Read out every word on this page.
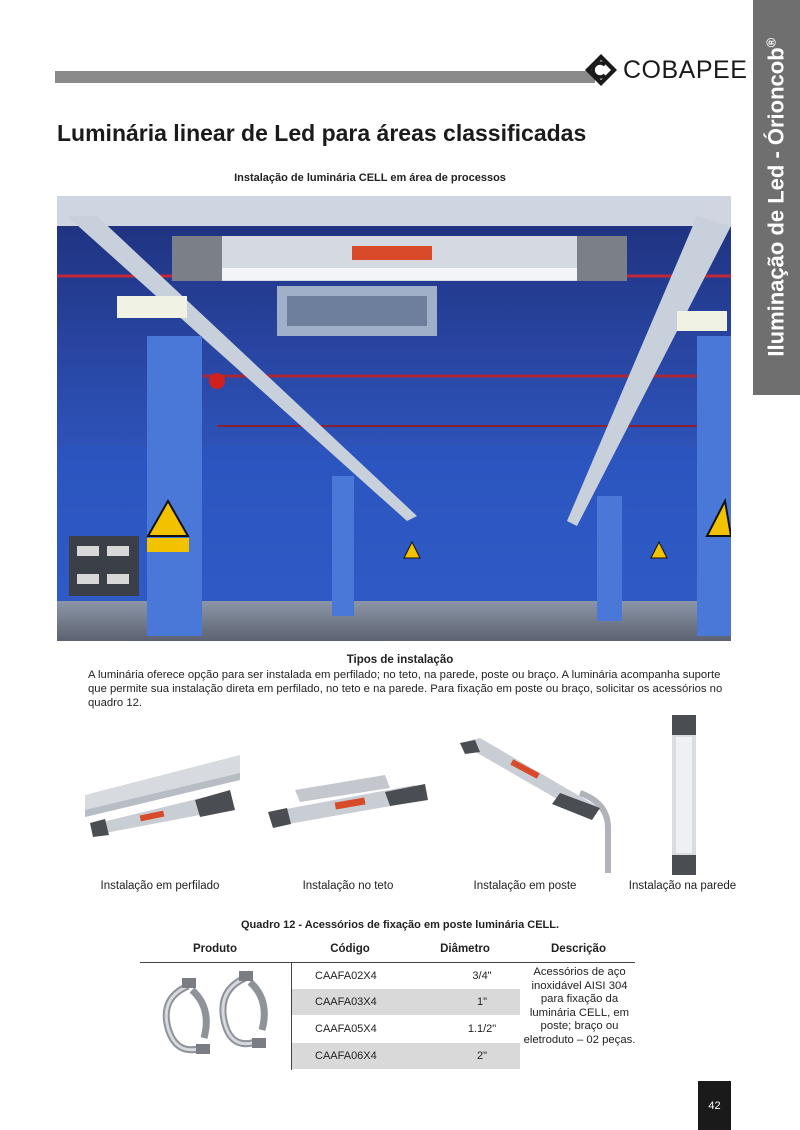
COBAPEE Iluminação de Led - Órioncob®
Luminária linear de Led para áreas classificadas
Instalação de luminária CELL em área de processos
Tipos de instalação

A luminária oferece opção para ser instalada em perfilado; no teto, na parede, poste ou braço. A luminária acompanha suporte que permite sua instalação direta em perfilado, no teto e na parede. Para fixação em poste ou braço, solicitar os acessórios no quadro 12.

Instalação em perfilado	Instalação no teto	Instalação em poste	Instalação na parede
Quadro 12 - Acessórios de fixação em poste luminária CELL.
Produto	Código	Diâmetro	Descrição
CAAFA02X4	3/4"
CAAFA03X4	1"
CAAFA05X4	1.1/2"
CAAFA06X4	2"
Acessórios de aço inoxidável AISI 304 para fixação da luminária CELL, em poste; braço ou eletroduto – 02 peças.
42
